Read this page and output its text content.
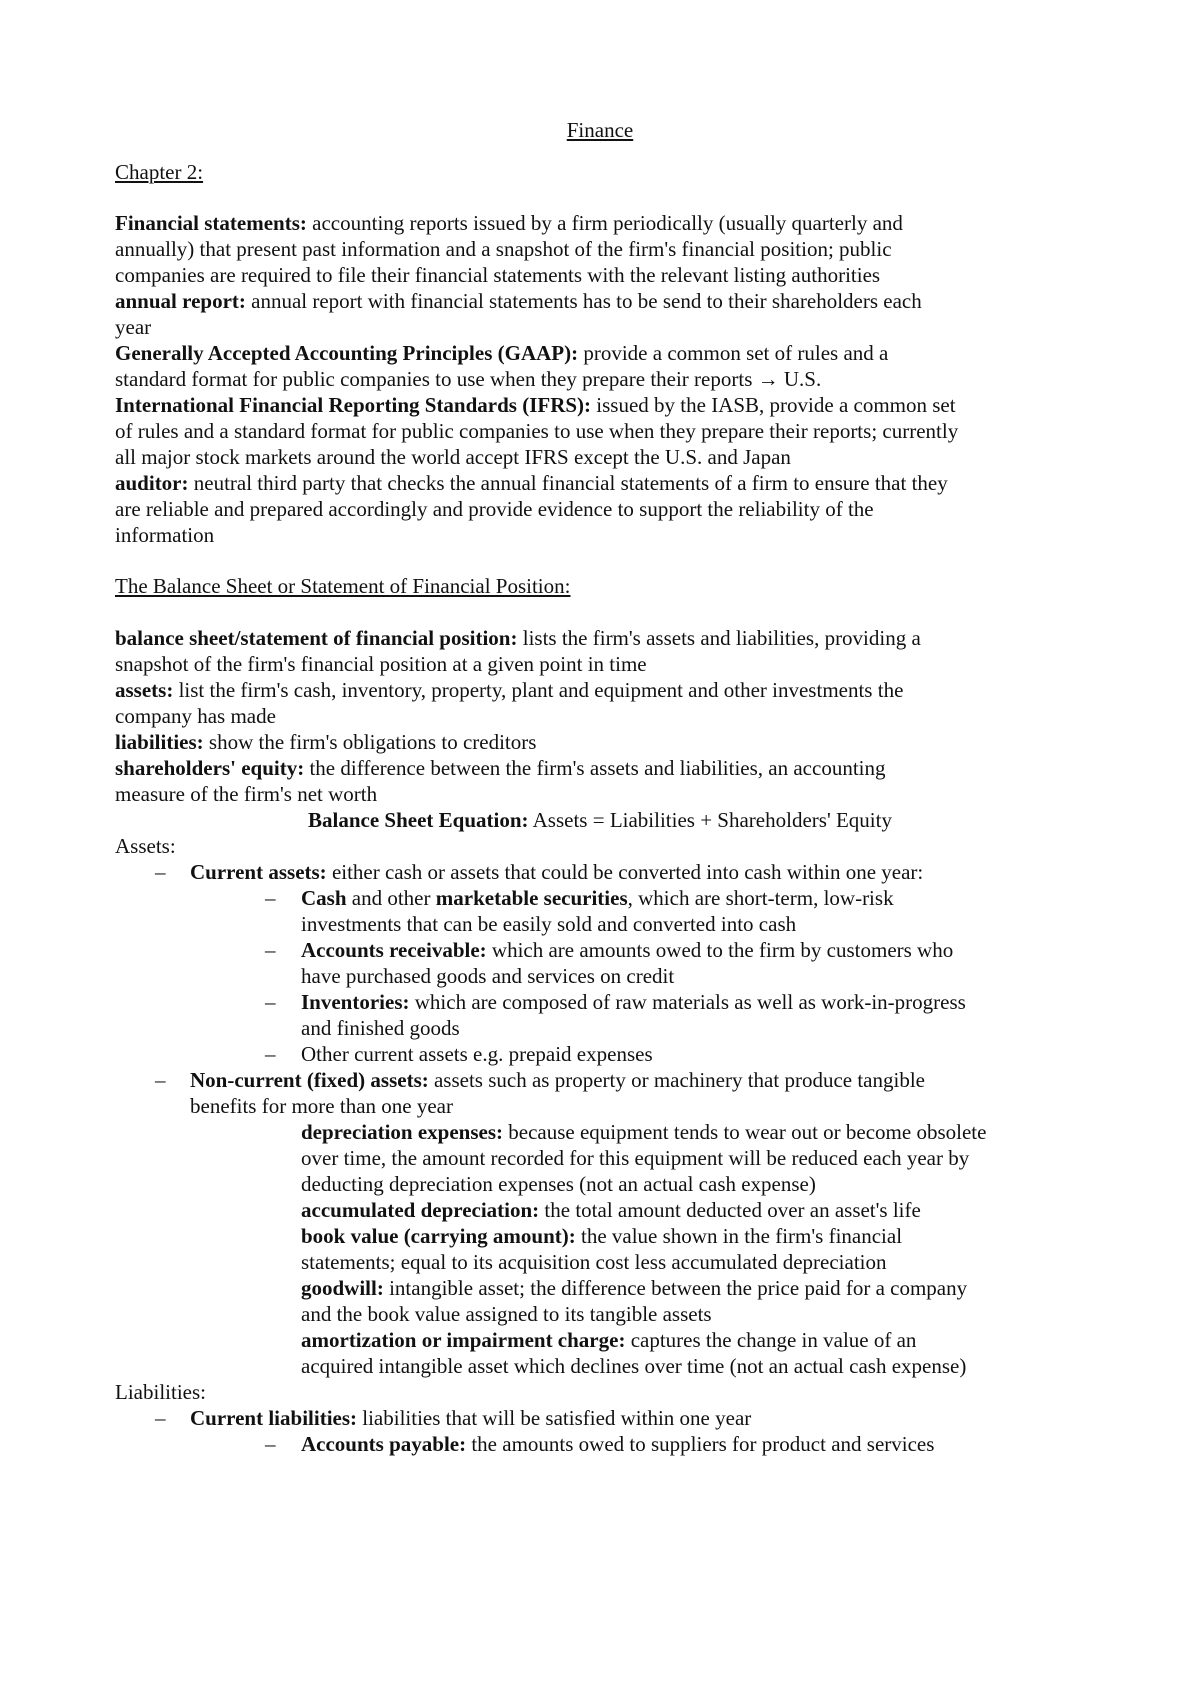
Finance
Chapter 2:
Financial statements: accounting reports issued by a firm periodically (usually quarterly and
annually) that present past information and a snapshot of the firm's financial position; public
companies are required to file their financial statements with the relevant listing authorities
annual report: annual report with financial statements has to be send to their shareholders each
year
Generally Accepted Accounting Principles (GAAP): provide a common set of rules and a
standard format for public companies to use when they prepare their reports → U.S.
International Financial Reporting Standards (IFRS): issued by the IASB, provide a common set
of rules and a standard format for public companies to use when they prepare their reports; currently
all major stock markets around the world accept IFRS except the U.S. and Japan
auditor: neutral third party that checks the annual financial statements of a firm to ensure that they
are reliable and prepared accordingly and provide evidence to support the reliability of the
information
The Balance Sheet or Statement of Financial Position:
balance sheet/statement of financial position: lists the firm's assets and liabilities, providing a
snapshot of the firm's financial position at a given point in time
assets: list the firm's cash, inventory, property, plant and equipment and other investments the
company has made
liabilities: show the firm's obligations to creditors
shareholders' equity: the difference between the firm's assets and liabilities, an accounting
measure of the firm's net worth
Balance Sheet Equation: Assets = Liabilities + Shareholders' Equity
Assets:
– Current assets: either cash or assets that could be converted into cash within one year:
– Cash and other marketable securities, which are short-term, low-risk
investments that can be easily sold and converted into cash
– Accounts receivable: which are amounts owed to the firm by customers who
have purchased goods and services on credit
– Inventories: which are composed of raw materials as well as work-in-progress
and finished goods
– Other current assets e.g. prepaid expenses
– Non-current (fixed) assets: assets such as property or machinery that produce tangible
benefits for more than one year
depreciation expenses: because equipment tends to wear out or become obsolete
over time, the amount recorded for this equipment will be reduced each year by
deducting depreciation expenses (not an actual cash expense)
accumulated depreciation: the total amount deducted over an asset's life
book value (carrying amount): the value shown in the firm's financial
statements; equal to its acquisition cost less accumulated depreciation
goodwill: intangible asset; the difference between the price paid for a company
and the book value assigned to its tangible assets
amortization or impairment charge: captures the change in value of an
acquired intangible asset which declines over time (not an actual cash expense)
Liabilities:
– Current liabilities: liabilities that will be satisfied within one year
– Accounts payable: the amounts owed to suppliers for product and services
